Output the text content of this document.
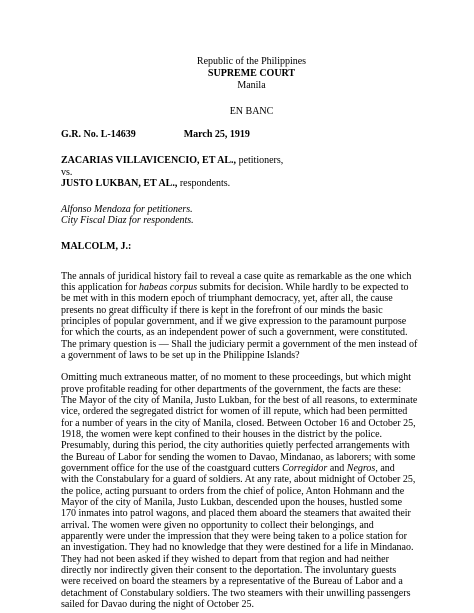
Republic of the Philippines
SUPREME COURT
Manila
EN BANC
G.R. No. L-14639	March 25, 1919
ZACARIAS VILLAVICENCIO, ET AL., petitioners,
vs.
JUSTO LUKBAN, ET AL., respondents.
Alfonso Mendoza for petitioners.
City Fiscal Diaz for respondents.
MALCOLM, J.:
The annals of juridical history fail to reveal a case quite as remarkable as the one which
this application for habeas corpus submits for decision. While hardly to be expected to
be met with in this modern epoch of triumphant democracy, yet, after all, the cause
presents no great difficulty if there is kept in the forefront of our minds the basic
principles of popular government, and if we give expression to the paramount purpose
for which the courts, as an independent power of such a government, were constituted.
The primary question is — Shall the judiciary permit a government of the men instead of
a government of laws to be set up in the Philippine Islands?
Omitting much extraneous matter, of no moment to these proceedings, but which might
prove profitable reading for other departments of the government, the facts are these:
The Mayor of the city of Manila, Justo Lukban, for the best of all reasons, to exterminate
vice, ordered the segregated district for women of ill repute, which had been permitted
for a number of years in the city of Manila, closed. Between October 16 and October 25,
1918, the women were kept confined to their houses in the district by the police.
Presumably, during this period, the city authorities quietly perfected arrangements with
the Bureau of Labor for sending the women to Davao, Mindanao, as laborers; with some
government office for the use of the coastguard cutters Corregidor and Negros, and
with the Constabulary for a guard of soldiers. At any rate, about midnight of October 25,
the police, acting pursuant to orders from the chief of police, Anton Hohmann and the
Mayor of the city of Manila, Justo Lukban, descended upon the houses, hustled some
170 inmates into patrol wagons, and placed them aboard the steamers that awaited their
arrival. The women were given no opportunity to collect their belongings, and
apparently were under the impression that they were being taken to a police station for
an investigation. They had no knowledge that they were destined for a life in Mindanao.
They had not been asked if they wished to depart from that region and had neither
directly nor indirectly given their consent to the deportation. The involuntary guests
were received on board the steamers by a representative of the Bureau of Labor and a
detachment of Constabulary soldiers. The two steamers with their unwilling passengers
sailed for Davao during the night of October 25.
